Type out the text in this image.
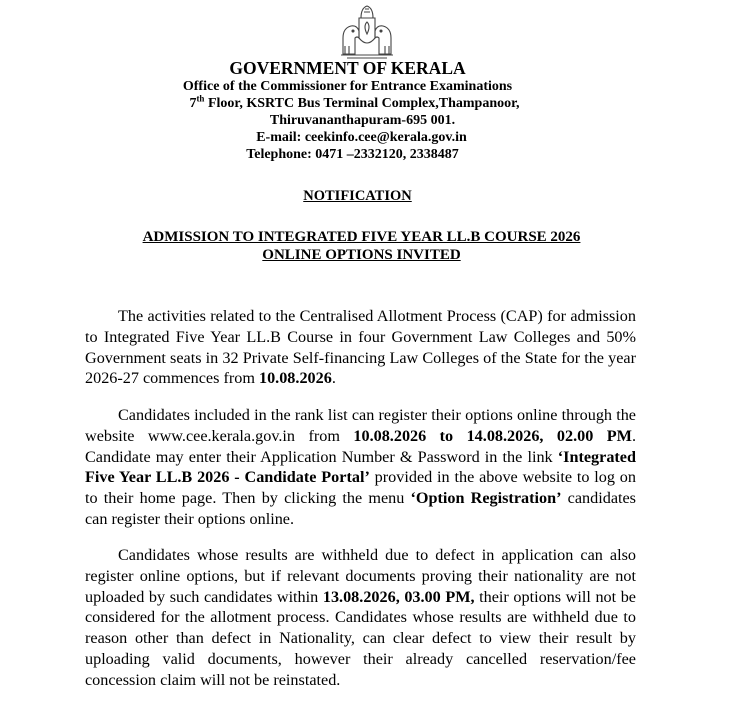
GOVERNMENT OF KERALA
Office of the Commissioner for Entrance Examinations
7th Floor, KSRTC Bus Terminal Complex,Thampanoor,
Thiruvananthapuram-695 001.
E-mail: ceekinfo.cee@kerala.gov.in
Telephone: 0471 –2332120, 2338487
NOTIFICATION
ADMISSION TO INTEGRATED FIVE YEAR LL.B COURSE 2026
ONLINE OPTIONS INVITED
The activities related to the Centralised Allotment Process (CAP) for admission to Integrated Five Year LL.B Course in four Government Law Colleges and 50% Government seats in 32 Private Self-financing Law Colleges of the State for the year 2026-27 commences from 10.08.2026.
Candidates included in the rank list can register their options online through the website www.cee.kerala.gov.in from 10.08.2026 to 14.08.2026, 02.00 PM. Candidate may enter their Application Number & Password in the link ‘Integrated Five Year LL.B 2026 - Candidate Portal’ provided in the above website to log on to their home page. Then by clicking the menu ‘Option Registration’ candidates can register their options online.
Candidates whose results are withheld due to defect in application can also register online options, but if relevant documents proving their nationality are not uploaded by such candidates within 13.08.2026, 03.00 PM, their options will not be considered for the allotment process. Candidates whose results are withheld due to reason other than defect in Nationality, can clear defect to view their result by uploading valid documents, however their already cancelled reservation/fee concession claim will not be reinstated.
